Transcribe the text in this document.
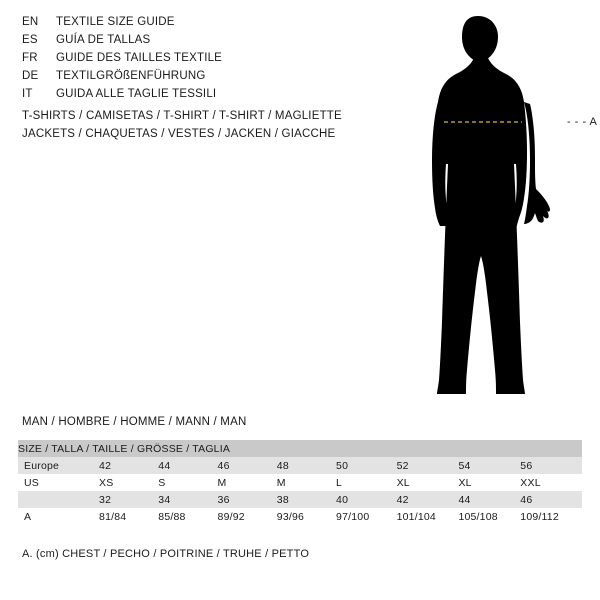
EN	TEXTILE SIZE GUIDE
ES	GUÍA DE TALLAS
FR	GUIDE DES TAILLES TEXTILE
DE	TEXTILGRÖßENFÜHRUNG
IT	GUIDA ALLE TAGLIE TESSILI
T-SHIRTS / CAMISETAS / T-SHIRT / T-SHIRT / MAGLIETTE
JACKETS / CHAQUETAS / VESTES / JACKEN / GIACCHE
- - - A
MAN / HOMBRE / HOMME / MANN / MAN
SIZE / TALLA / TAILLE / GRÖSSE / TAGLIA								
Europe	42	44	46	48	50	52	54	56
US	XS	S	M	M	L	XL	XL	XXL
	32	34	36	38	40	42	44	46
A	81/84	85/88	89/92	93/96	97/100	101/104	105/108	109/112
A. (cm) CHEST / PECHO / POITRINE / TRUHE / PETTO
